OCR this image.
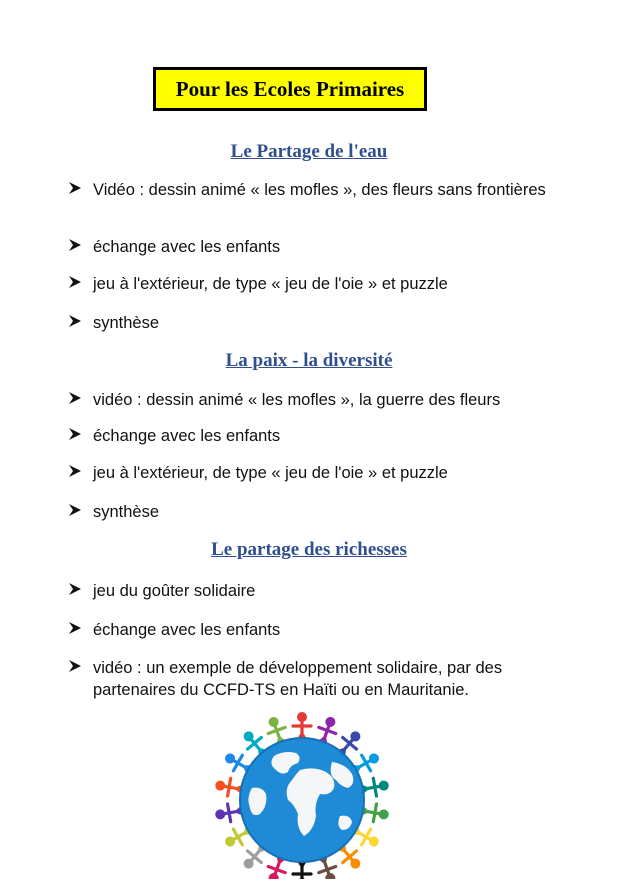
Pour les Ecoles Primaires
Le Partage de l'eau
Vidéo : dessin animé « les mofles », des fleurs sans frontières
échange avec les enfants
jeu à l'extérieur, de type « jeu de l'oie » et puzzle
synthèse
La paix - la diversité
vidéo : dessin animé « les mofles », la guerre des fleurs
échange avec les enfants
jeu à l'extérieur, de type « jeu de l'oie » et puzzle
synthèse
Le partage des richesses
jeu du goûter solidaire
échange avec les enfants
vidéo : un exemple de développement solidaire, par des partenaires du CCFD-TS en Haïti ou en Mauritanie.
